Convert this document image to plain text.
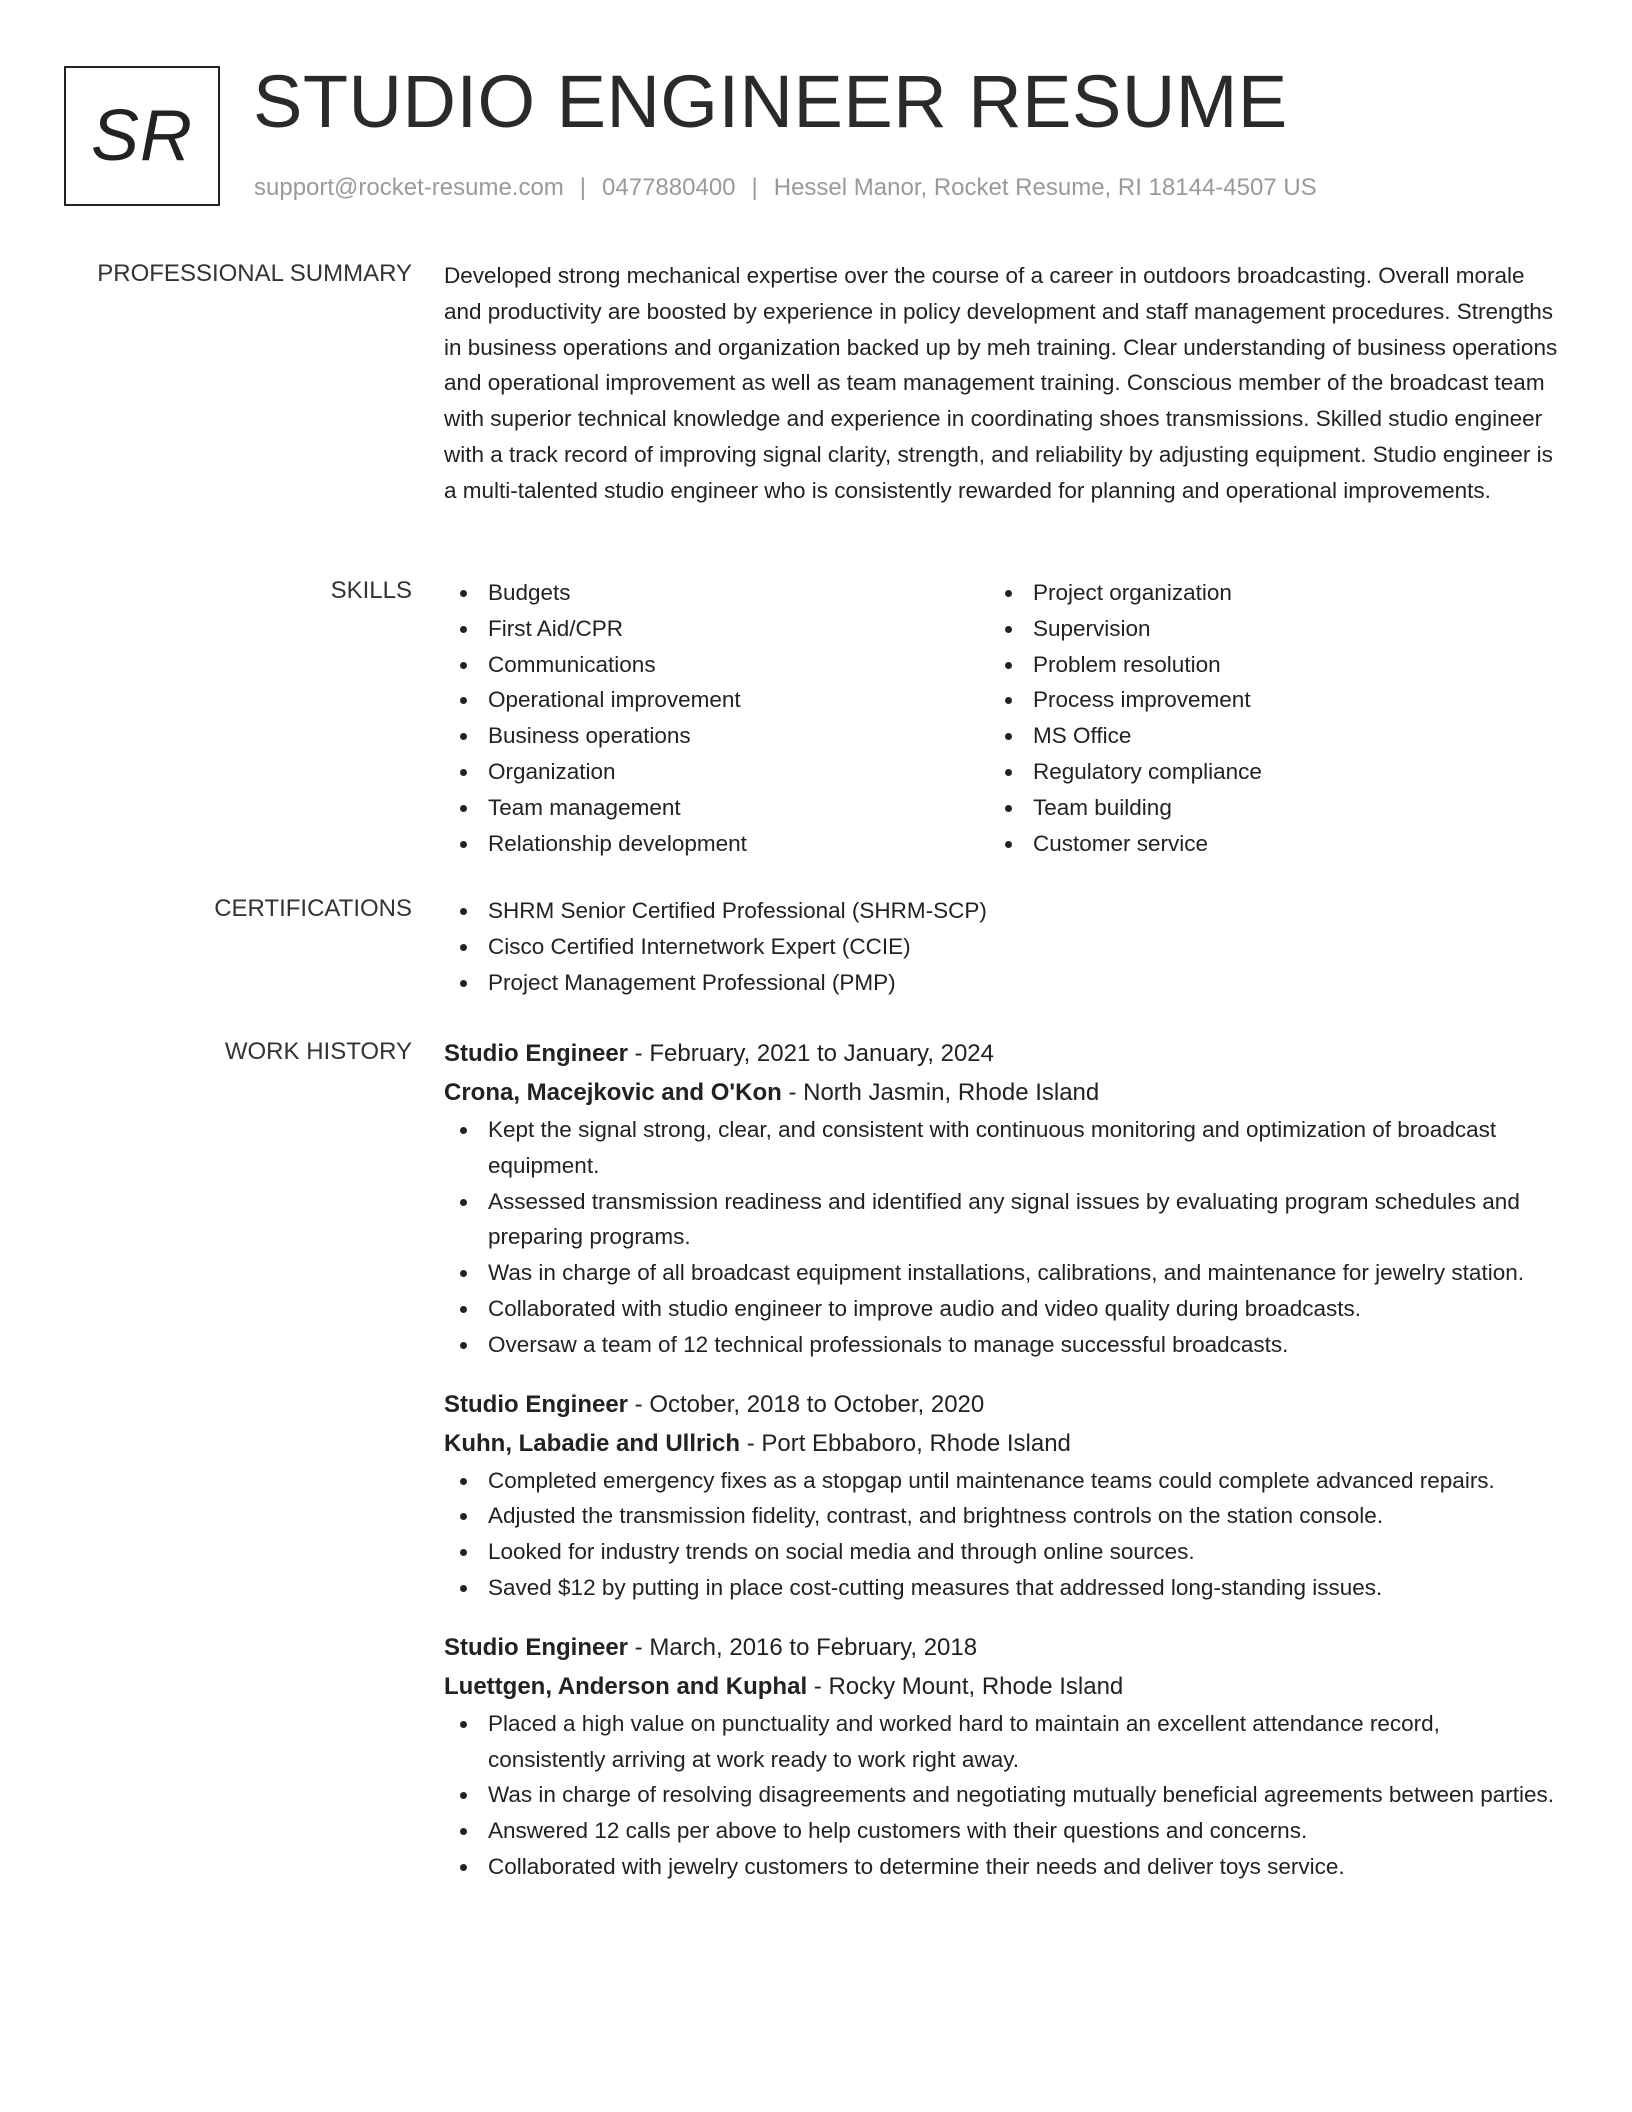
SR STUDIO ENGINEER RESUME
support@rocket-resume.com | 0477880400 | Hessel Manor, Rocket Resume, RI 18144-4507 US
PROFESSIONAL SUMMARY Developed strong mechanical expertise over the course of a career in outdoors broadcasting. Overall morale and productivity are boosted by experience in policy development and staff management procedures. Strengths in business operations and organization backed up by meh training. Clear understanding of business operations and operational improvement as well as team management training. Conscious member of the broadcast team with superior technical knowledge and experience in coordinating shoes transmissions. Skilled studio engineer with a track record of improving signal clarity, strength, and reliability by adjusting equipment. Studio engineer is a multi-talented studio engineer who is consistently rewarded for planning and operational improvements.

SKILLS	Budgets
First Aid/CPR
Communications
Operational improvement
Business operations
Organization
Team management
Relationship development
Project organization
Supervision
Problem resolution
Process improvement
MS Office
Regulatory compliance
Team building
Customer service
CERTIFICATIONS	SHRM Senior Certified Professional (SHRM-SCP)
Cisco Certified Internetwork Expert (CCIE)
Project Management Professional (PMP)
WORK HISTORY Studio Engineer - February, 2021 to January, 2024
Crona, Macejkovic and O'Kon - North Jasmin, Rhode Island
Kept the signal strong, clear, and consistent with continuous monitoring and optimization of broadcast equipment.
Assessed transmission readiness and identified any signal issues by evaluating program schedules and preparing programs.
Was in charge of all broadcast equipment installations, calibrations, and maintenance for jewelry station.
Collaborated with studio engineer to improve audio and video quality during broadcasts.
Oversaw a team of 12 technical professionals to manage successful broadcasts.
Studio Engineer - October, 2018 to October, 2020
Kuhn, Labadie and Ullrich - Port Ebbaboro, Rhode Island
Completed emergency fixes as a stopgap until maintenance teams could complete advanced repairs.
Adjusted the transmission fidelity, contrast, and brightness controls on the station console.
Looked for industry trends on social media and through online sources.
Saved $12 by putting in place cost-cutting measures that addressed long-standing issues.
Studio Engineer - March, 2016 to February, 2018
Luettgen, Anderson and Kuphal - Rocky Mount, Rhode Island
Placed a high value on punctuality and worked hard to maintain an excellent attendance record, consistently arriving at work ready to work right away.
Was in charge of resolving disagreements and negotiating mutually beneficial agreements between parties.
Answered 12 calls per above to help customers with their questions and concerns.
Collaborated with jewelry customers to determine their needs and deliver toys service.
